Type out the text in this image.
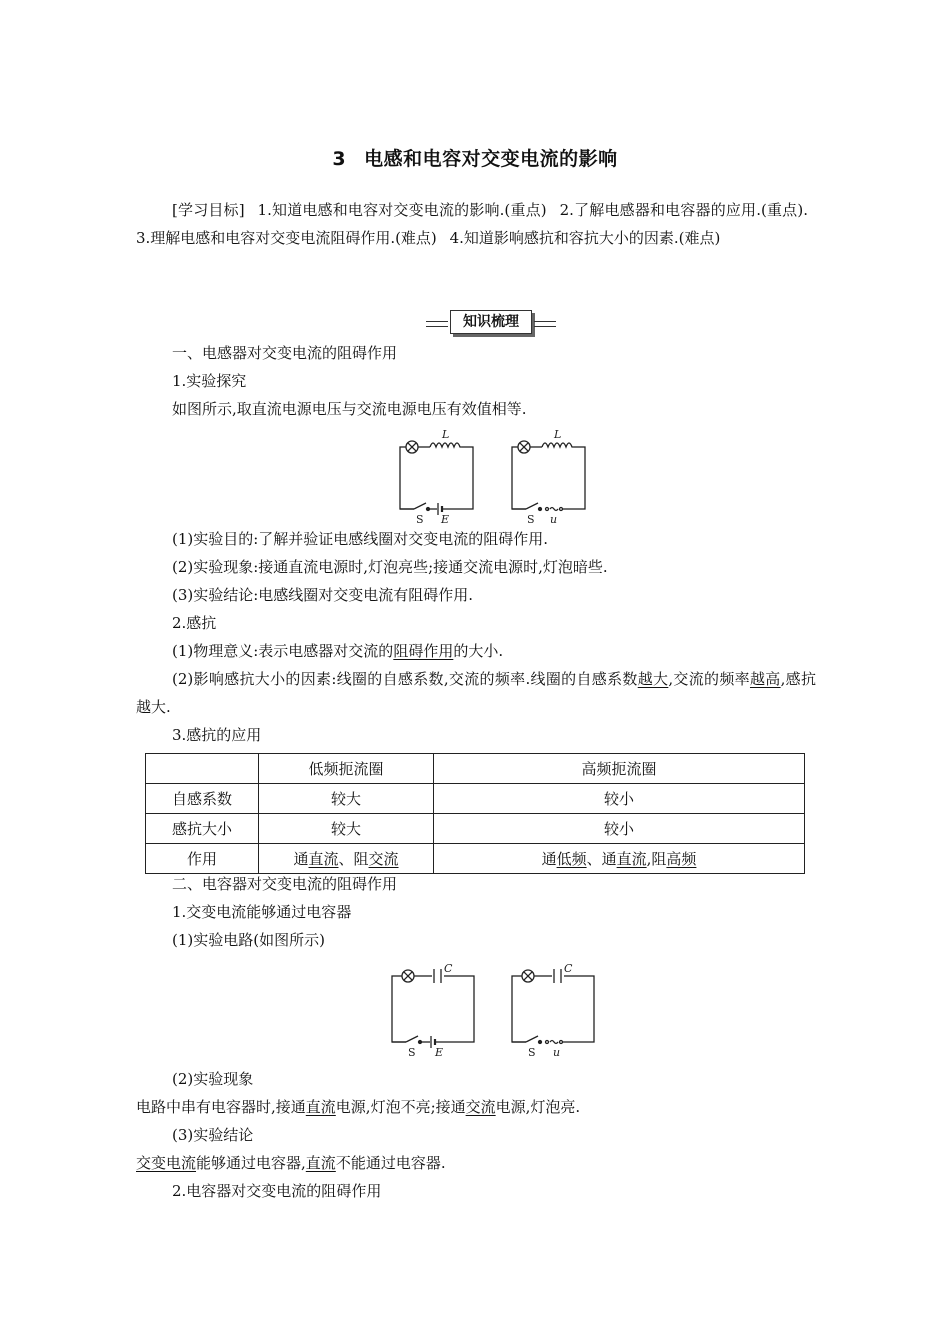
3 电感和电容对交变电流的影响
[学习目标] 1.知道电感和电容对交变电流的影响.(重点) 2.了解电感器和电容器的应用.(重点). 3.理解电感和电容对交变电流阻碍作用.(难点) 4.知道影响感抗和容抗大小的因素.(难点)
知识梳理
一、电感器对交变电流的阻碍作用
1.实验探究
如图所示,取直流电源电压与交流电源电压有效值相等.
L	L
S E	S u
(1)实验目的:了解并验证电感线圈对交变电流的阻碍作用.
(2)实验现象:接通直流电源时,灯泡亮些;接通交流电源时,灯泡暗些.
(3)实验结论:电感线圈对交变电流有阻碍作用.
2.感抗
(1)物理意义:表示电感器对交流的阻碍作用的大小.
(2)影响感抗大小的因素:线圈的自感系数,交流的频率.线圈的自感系数越大,交流的频率越高,感抗越大.
3.感抗的应用
	低频扼流圈	高频扼流圈
自感系数	较大	较小
感抗大小	较大	较小
作用	通直流、阻交流	通低频、通直流,阻高频
二、电容器对交变电流的阻碍作用
1.交变电流能够通过电容器
(1)实验电路(如图所示)
C	C
S E	S u
(2)实验现象
电路中串有电容器时,接通直流电源,灯泡不亮;接通交流电源,灯泡亮.
(3)实验结论
交变电流能够通过电容器,直流不能通过电容器.
2.电容器对交变电流的阻碍作用
